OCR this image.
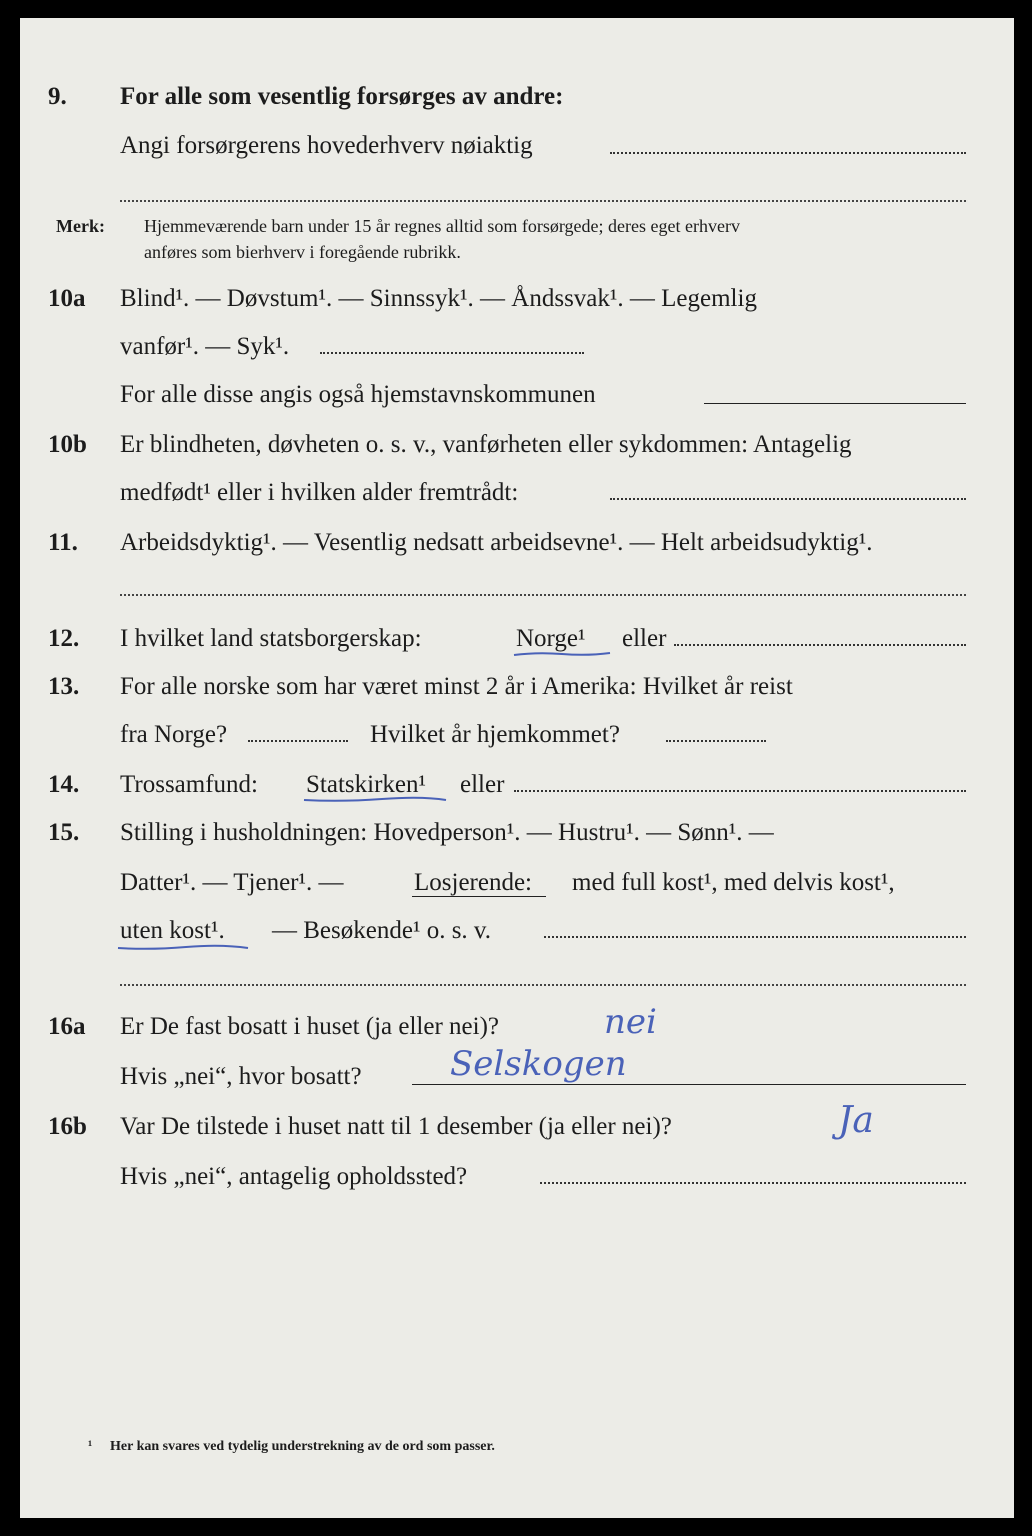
9. For alle som vesentlig forsørges av andre:
Angi forsørgerens hovederhverv nøiaktig
Merk: Hjemmeværende barn under 15 år regnes alltid som forsørgede; deres eget erhverv
anføres som bierhverv i foregående rubrikk.
10a Blind¹. — Døvstum¹. — Sinnssyk¹. — Åndssvak¹. — Legemlig
vanfør¹. — Syk¹.
For alle disse angis også hjemstavnskommunen
10b Er blindheten, døvheten o. s. v., vanførheten eller sykdommen: Antagelig
medfødt¹ eller i hvilken alder fremtrådt:
11. Arbeidsdyktig¹. — Vesentlig nedsatt arbeidsevne¹. — Helt arbeidsudyktig¹.
12. I hvilket land statsborgerskap:	Norge¹ eller
13. For alle norske som har været minst 2 år i Amerika: Hvilket år reist
fra Norge?	Hvilket år hjemkommet?
14. Trossamfund: Statskirken¹ eller
15. Stilling i husholdningen: Hovedperson¹. — Hustru¹. — Sønn¹. —
Datter¹. — Tjener¹. —	Losjerende: med full kost¹, med delvis kost¹,
uten kost¹. — Besøkende¹ o. s. v.
16a Er De fast bosatt i huset (ja eller nei)?	nei
Hvis „nei“, hvor bosatt?	Selskogen
16b Var De tilstede i huset natt til 1 desember (ja eller nei)?	Ja
Hvis „nei“, antagelig opholdssted?
¹ Her kan svares ved tydelig understrekning av de ord som passer.
